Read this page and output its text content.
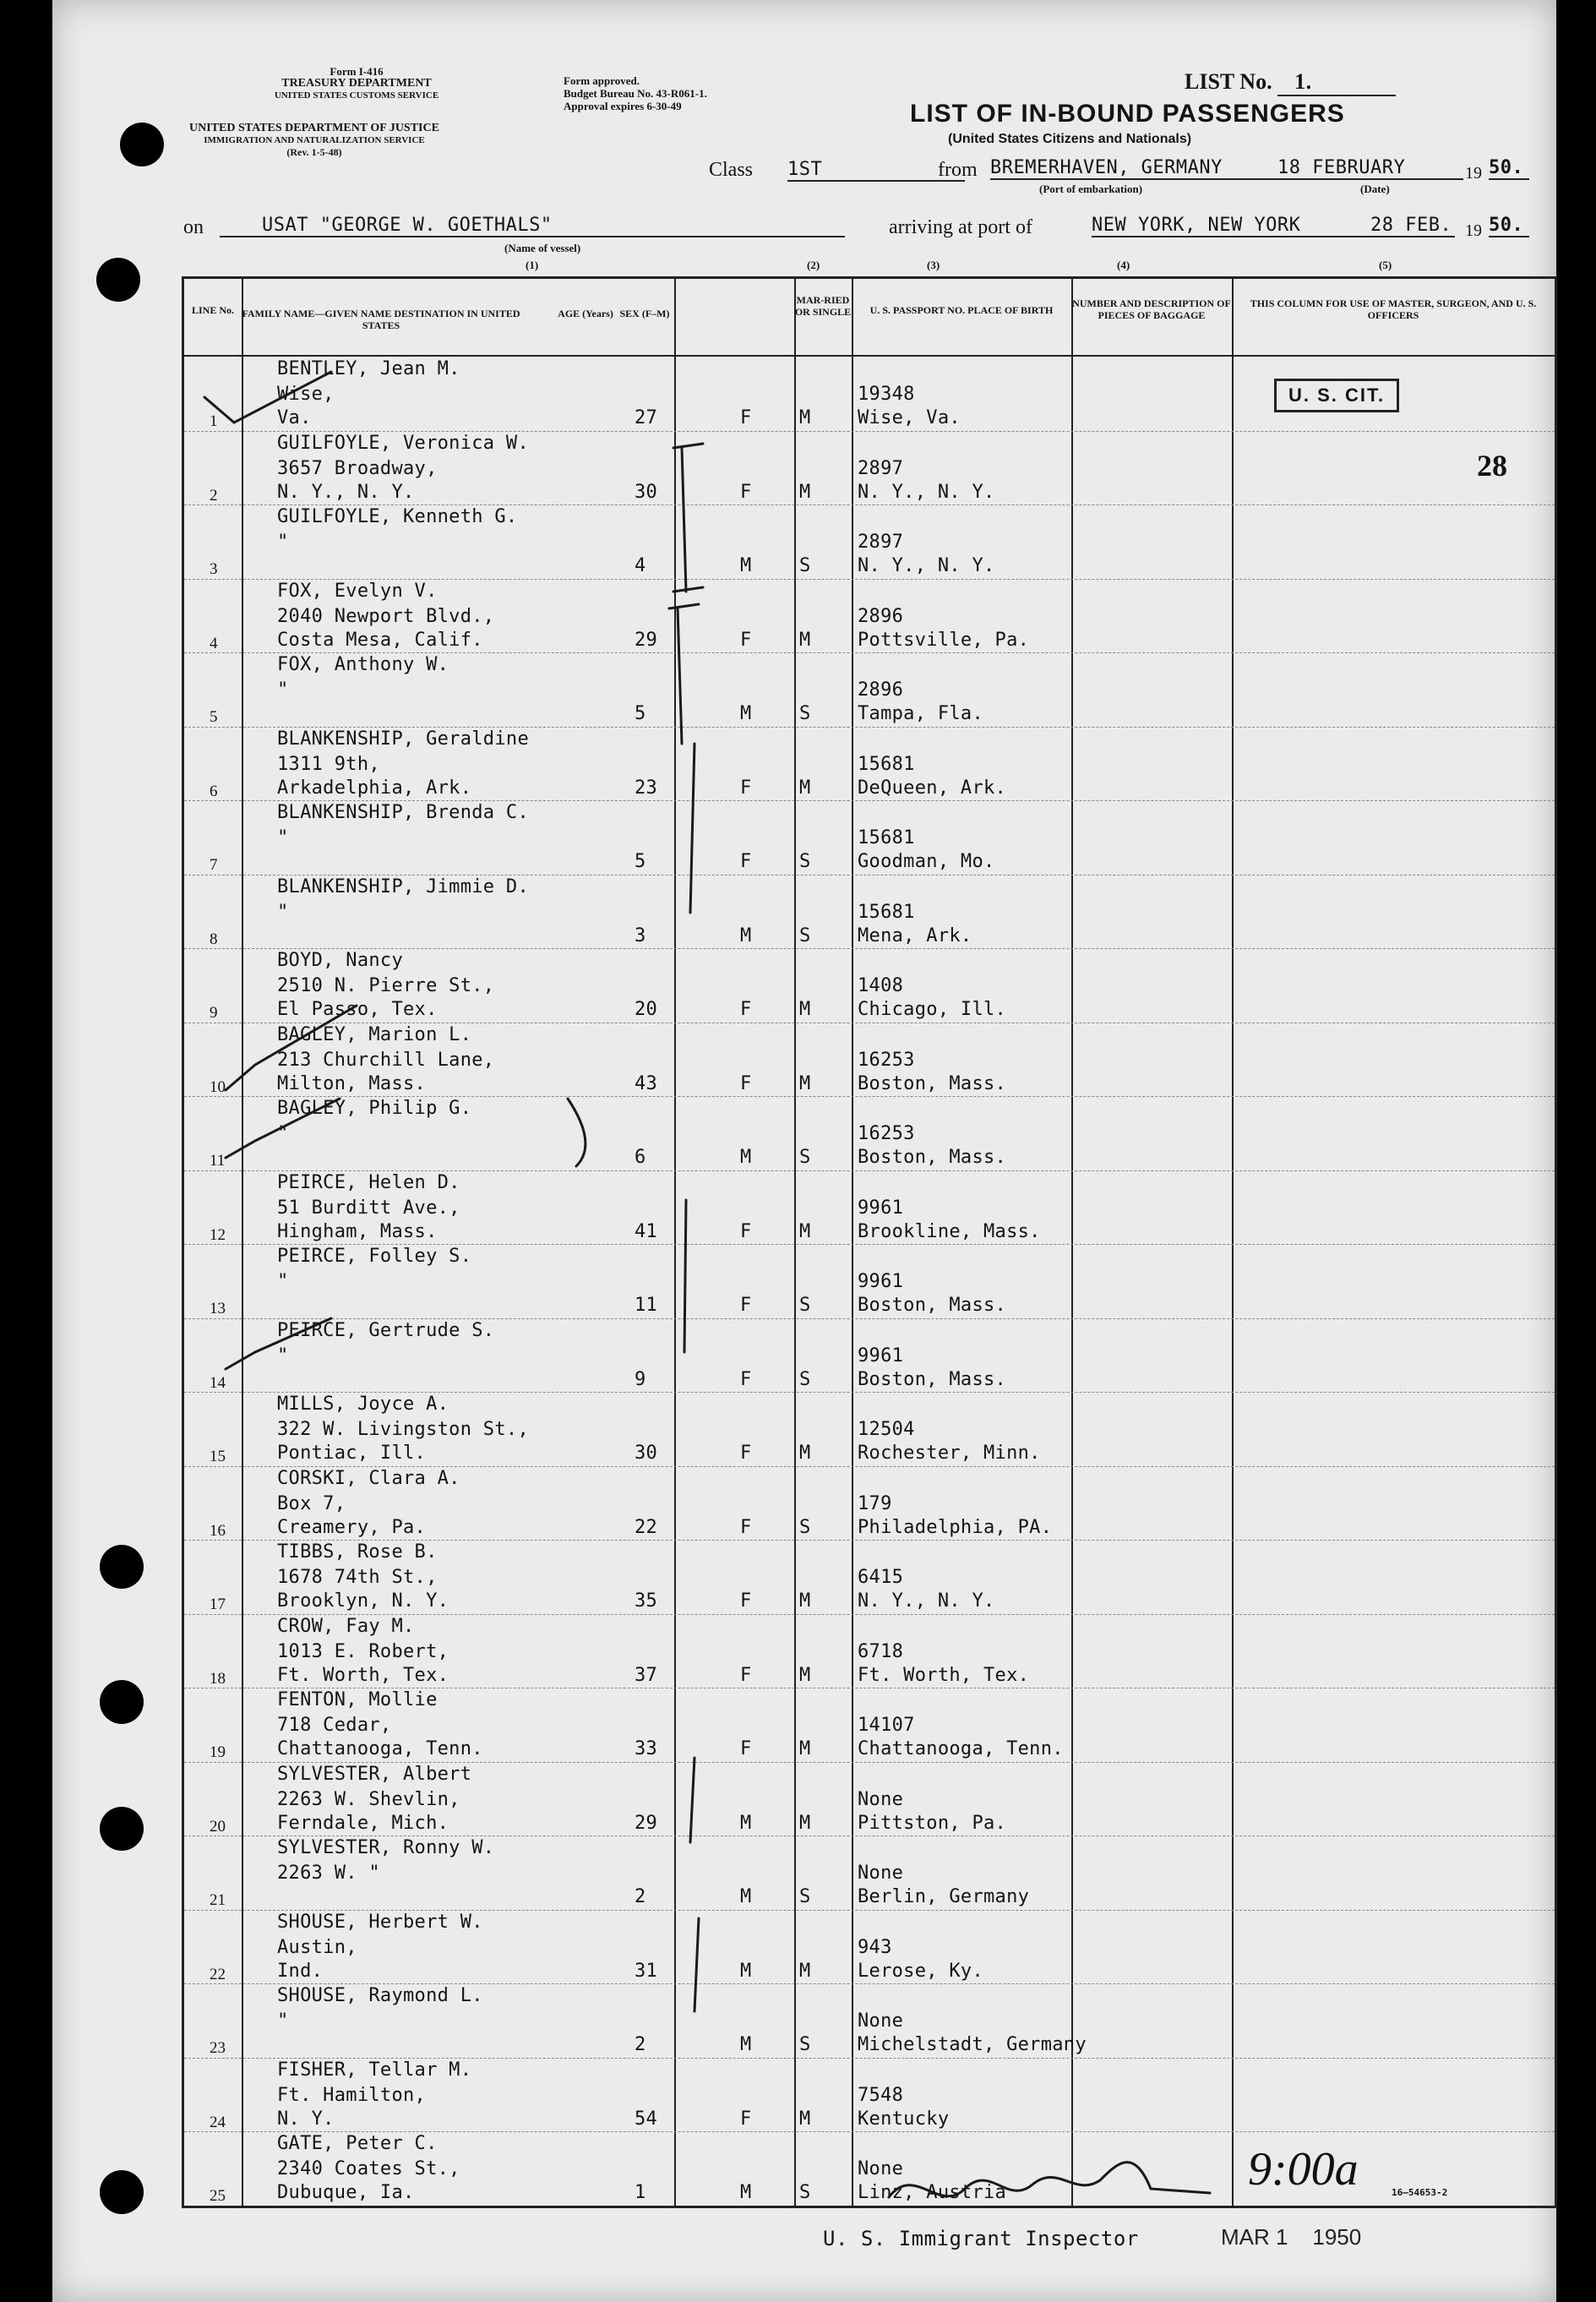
Form I-416
TREASURY DEPARTMENT
UNITED STATES CUSTOMS SERVICE
UNITED STATES DEPARTMENT OF JUSTICE
IMMIGRATION AND NATURALIZATION SERVICE
(Rev. 1-5-48)
Form approved.
Budget Bureau No. 43-R061-1.
Approval expires 6-30-49
LIST No. 1.
LIST OF IN-BOUND PASSENGERS
(United States Citizens and Nationals)
Class 1ST	from BREMERHAVEN, GERMANY
(Port of embarkation)
18 FEBRUARY
(Date)
19 50.
on	USAT "GEORGE W. GOETHALS"
(Name of vessel)
(1)
arriving at port of	NEW YORK, NEW YORK	28 FEB. 19 50.
LINE No. FAMILY NAME—GIVEN NAME DESTINATION IN UNITED STATES
AGE (Years) SEX (F–M)
MAR-RIED OR SINGLE	U. S. PASSPORT NO. PLACE OF BIRTH
NUMBER AND DESCRIPTION OF PIECES OF BAGGAGE
THIS COLUMN FOR USE OF MASTER, SURGEON, AND U. S. OFFICERS
1
BENTLEY, Jean M.
Wise,
Va.	27	F	M
19348
Wise, Va.
2
GUILFOYLE, Veronica W.
3657 Broadway,
N. Y., N. Y.	30	F	M
2897
N. Y., N. Y.
3
GUILFOYLE, Kenneth G.
"
4	M	S
2897
N. Y., N. Y.
4
FOX, Evelyn V.
2040 Newport Blvd.,
Costa Mesa, Calif.	29	F	M
2896
Pottsville, Pa.
5
FOX, Anthony W.
"
5	M	S
2896
Tampa, Fla.
6
BLANKENSHIP, Geraldine
1311 9th,
Arkadelphia, Ark.	23	F	M
15681
DeQueen, Ark.
7
BLANKENSHIP, Brenda C.
"
5	F	S
15681
Goodman, Mo.
8
BLANKENSHIP, Jimmie D.
"
3	M	S
15681
Mena, Ark.
9
BOYD, Nancy
2510 N. Pierre St.,
El Passo, Tex.	20	F	M
1408
Chicago, Ill.
10
BAGLEY, Marion L.
213 Churchill Lane,
Milton, Mass.	43	F	M
16253
Boston, Mass.
11
BAGLEY, Philip G.
"
6	M	S
16253
Boston, Mass.
12
PEIRCE, Helen D.
51 Burditt Ave.,
Hingham, Mass.	41	F	M
9961
Brookline, Mass.
13
PEIRCE, Folley S.
"
11	F	S
9961
Boston, Mass.
14
PEIRCE, Gertrude S.
"
9	F	S
9961
Boston, Mass.
15
MILLS, Joyce A.
322 W. Livingston St.,
Pontiac, Ill.	30	F	M
12504
Rochester, Minn.
16
CORSKI, Clara A.
Box 7,
Creamery, Pa.	22	F	S
179
Philadelphia, PA.
17
TIBBS, Rose B.
1678 74th St.,
Brooklyn, N. Y.	35	F	M
6415
N. Y., N. Y.
18
CROW, Fay M.
1013 E. Robert,
Ft. Worth, Tex.	37	F	M
6718
Ft. Worth, Tex.
19
FENTON, Mollie
718 Cedar,
Chattanooga, Tenn.	33	F	M
14107
Chattanooga, Tenn.
20
SYLVESTER, Albert
2263 W. Shevlin,
Ferndale, Mich.	29	M	M
None
Pittston, Pa.
21
SYLVESTER, Ronny W.
2263 W. "
2	M	S
None
Berlin, Germany
22
SHOUSE, Herbert W.
Austin,
Ind.	31	M	M
943
Lerose, Ky.
23
SHOUSE, Raymond L.
"
2	M	S
None
Michelstadt, Germany
24
FISHER, Tellar M.
Ft. Hamilton,
N. Y.	54	F	M
7548
Kentucky
25
GATE, Peter C.
2340 Coates St.,
Dubuque, Ia.	1	M	S
None
Linz, Austria
U. S. CIT.
28
(2)	(3)	(4)	(5)
16—54653-2
U. S. Immigrant Inspector	MAR 1    1950
9:00a
